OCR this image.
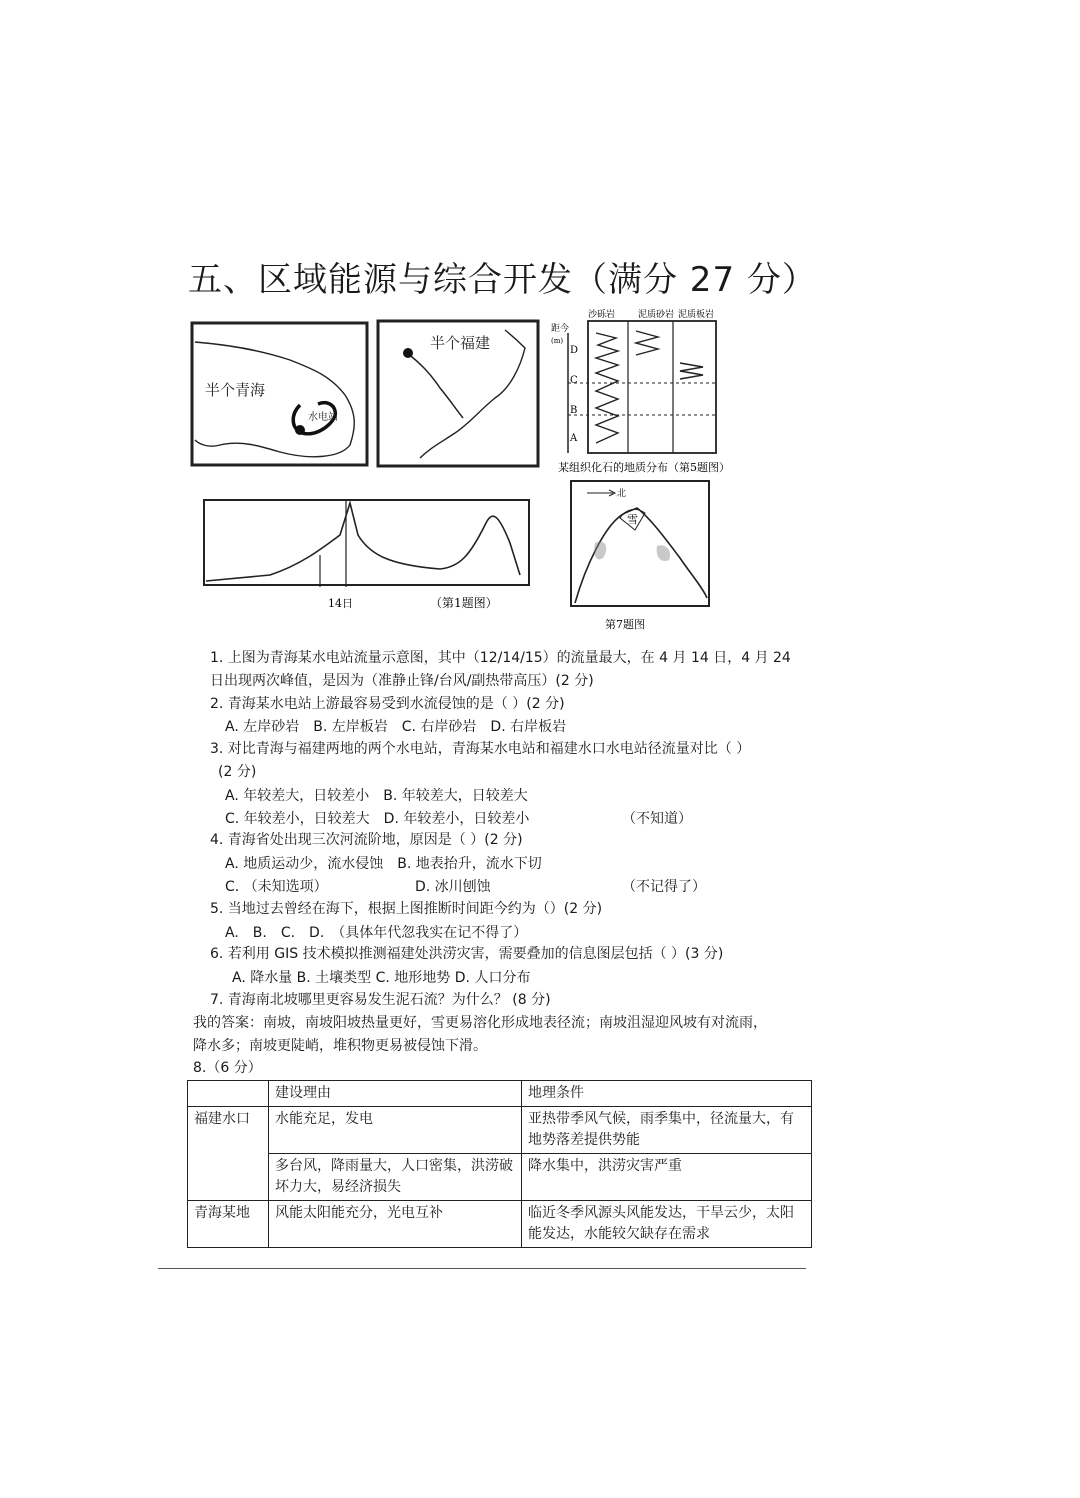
五、区域能源与综合开发（满分 27 分）
半个青海
水电站
半个福建
沙砾岩	泥质砂岩 泥质板岩
距今
(m)
D
C
B
A
某组织化石的地质分布（第5题图）
14日	（第1题图）
北
雪
第7题图
1. 上图为青海某水电站流量示意图，其中（12/14/15）的流量最大，在 4 月 14 日，4 月 24
日出现两次峰值，是因为（准静止锋/台风/副热带高压）(2 分)
2. 青海某水电站上游最容易受到水流侵蚀的是（ ）(2 分)
A. 左岸砂岩　B. 左岸板岩　C. 右岸砂岩　D. 右岸板岩
3. 对比青海与福建两地的两个水电站，青海某水电站和福建水口水电站径流量对比（ ）
(2 分)
A. 年较差大，日较差小　B. 年较差大，日较差大
C. 年较差小，日较差大　D. 年较差小，日较差小	（不知道）
4. 青海省处出现三次河流阶地，原因是（ ）(2 分)
A. 地质运动少，流水侵蚀　B. 地表抬升，流水下切
C. （未知选项）	D. 冰川刨蚀	（不记得了）
5. 当地过去曾经在海下，根据上图推断时间距今约为（）(2 分)
A.　B.　C.　D.　（具体年代忽我实在记不得了）
6. 若利用 GIS 技术模拟推测福建处洪涝灾害，需要叠加的信息图层包括（ ）(3 分)
A. 降水量 B. 土壤类型 C. 地形地势 D. 人口分布
7. 青海南北坡哪里更容易发生泥石流？为什么？ (8 分)
我的答案：南坡，南坡阳坡热量更好，雪更易溶化形成地表径流；南坡沮湿迎风坡有对流雨，
降水多；南坡更陡峭，堆积物更易被侵蚀下滑。
8.（6 分）
	建设理由	地理条件
福建水口	水能充足，发电	亚热带季风气候，雨季集中，径流量大，有地势落差提供势能
	多台风，降雨量大，人口密集，洪涝破坏力大，易经济损失	降水集中，洪涝灾害严重
青海某地	风能太阳能充分，光电互补	临近冬季风源头风能发达，干旱云少，太阳能发达，水能较欠缺存在需求
